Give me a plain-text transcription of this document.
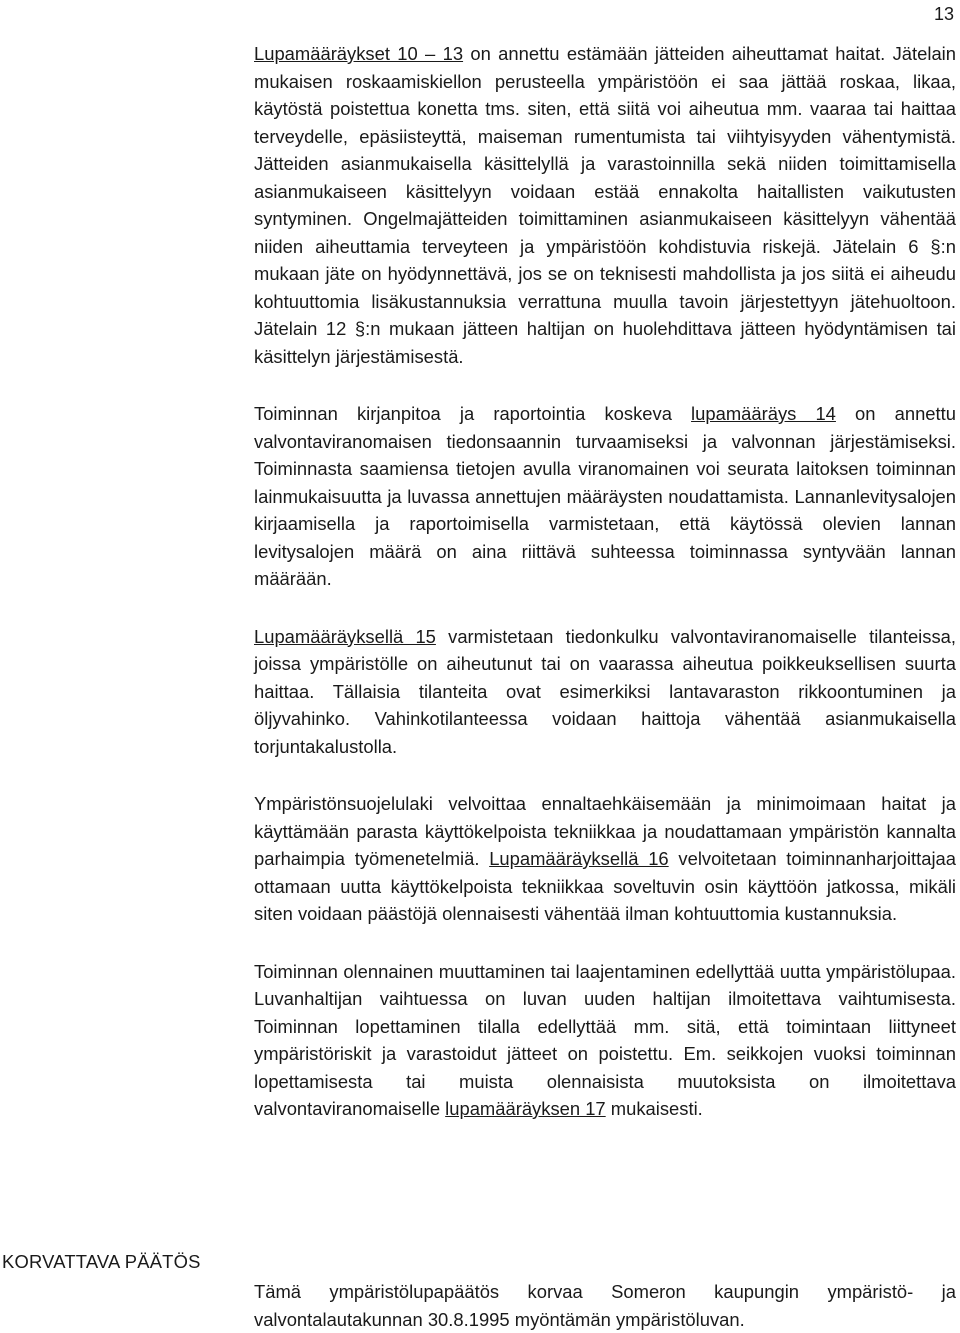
13

Lupamääräykset 10 – 13 on annettu estämään jätteiden aiheuttamat haitat. Jätelain mukaisen roskaamiskiellon perusteella ympäristöön ei saa jättää roskaa, likaa, käytöstä poistettua konetta tms. siten, että siitä voi aiheutua mm. vaaraa tai haittaa terveydelle, epäsiisteyttä, maiseman rumentumista tai viihtyisyyden vähentymistä. Jätteiden asianmukaisella käsittelyllä ja varastoinnilla sekä niiden toimittamisella asianmukaiseen käsittelyyn voidaan estää ennakolta haitallisten vaikutusten syntyminen. Ongelmajätteiden toimittaminen asianmukaiseen käsittelyyn vähentää niiden aiheuttamia terveyteen ja ympäristöön kohdistuvia riskejä. Jätelain 6 §:n mukaan jäte on hyödynnettävä, jos se on teknisesti mahdollista ja jos siitä ei aiheudu kohtuuttomia lisäkustannuksia verrattuna muulla tavoin järjestettyyn jätehuoltoon. Jätelain 12 §:n mukaan jätteen haltijan on huolehdittava jätteen hyödyntämisen tai käsittelyn järjestämisestä.

Toiminnan kirjanpitoa ja raportointia koskeva lupamääräys 14 on annettu valvontaviranomaisen tiedonsaannin turvaamiseksi ja valvonnan järjestämiseksi. Toiminnasta saamiensa tietojen avulla viranomainen voi seurata laitoksen toiminnan lainmukaisuutta ja luvassa annettujen määräysten noudattamista. Lannanlevitysalojen kirjaamisella ja raportoimisella varmistetaan, että käytössä olevien lannan levitysalojen määrä on aina riittävä suhteessa toiminnassa syntyvään lannan määrään.

Lupamääräyksellä 15 varmistetaan tiedonkulku valvontaviranomaiselle tilanteissa, joissa ympäristölle on aiheutunut tai on vaarassa aiheutua poikkeuksellisen suurta haittaa. Tällaisia tilanteita ovat esimerkiksi lantavaraston rikkoontuminen ja öljyvahinko. Vahinkotilanteessa voidaan haittoja vähentää asianmukaisella torjuntakalustolla.

Ympäristönsuojelulaki velvoittaa ennaltaehkäisemään ja minimoimaan haitat ja käyttämään parasta käyttökelpoista tekniikkaa ja noudattamaan ympäristön kannalta parhaimpia työmenetelmiä. Lupamääräyksellä 16 velvoitetaan toiminnanharjoittajaa ottamaan uutta käyttökelpoista tekniikkaa soveltuvin osin käyttöön jatkossa, mikäli siten voidaan päästöjä olennaisesti vähentää ilman kohtuuttomia kustannuksia.

Toiminnan olennainen muuttaminen tai laajentaminen edellyttää uutta ympäristölupaa. Luvanhaltijan vaihtuessa on luvan uuden haltijan ilmoitettava vaihtumisesta. Toiminnan lopettaminen tilalla edellyttää mm. sitä, että toimintaan liittyneet ympäristöriskit ja varastoidut jätteet on poistettu. Em. seikkojen vuoksi toiminnan lopettamisesta tai muista olennaisista muutoksista on ilmoitettava valvontaviranomaiselle lupamääräyksen 17 mukaisesti.

KORVATTAVA PÄÄTÖS

Tämä ympäristölupapäätös korvaa Someron kaupungin ympäristö- ja valvontalautakunnan 30.8.1995 myöntämän ympäristöluvan.
